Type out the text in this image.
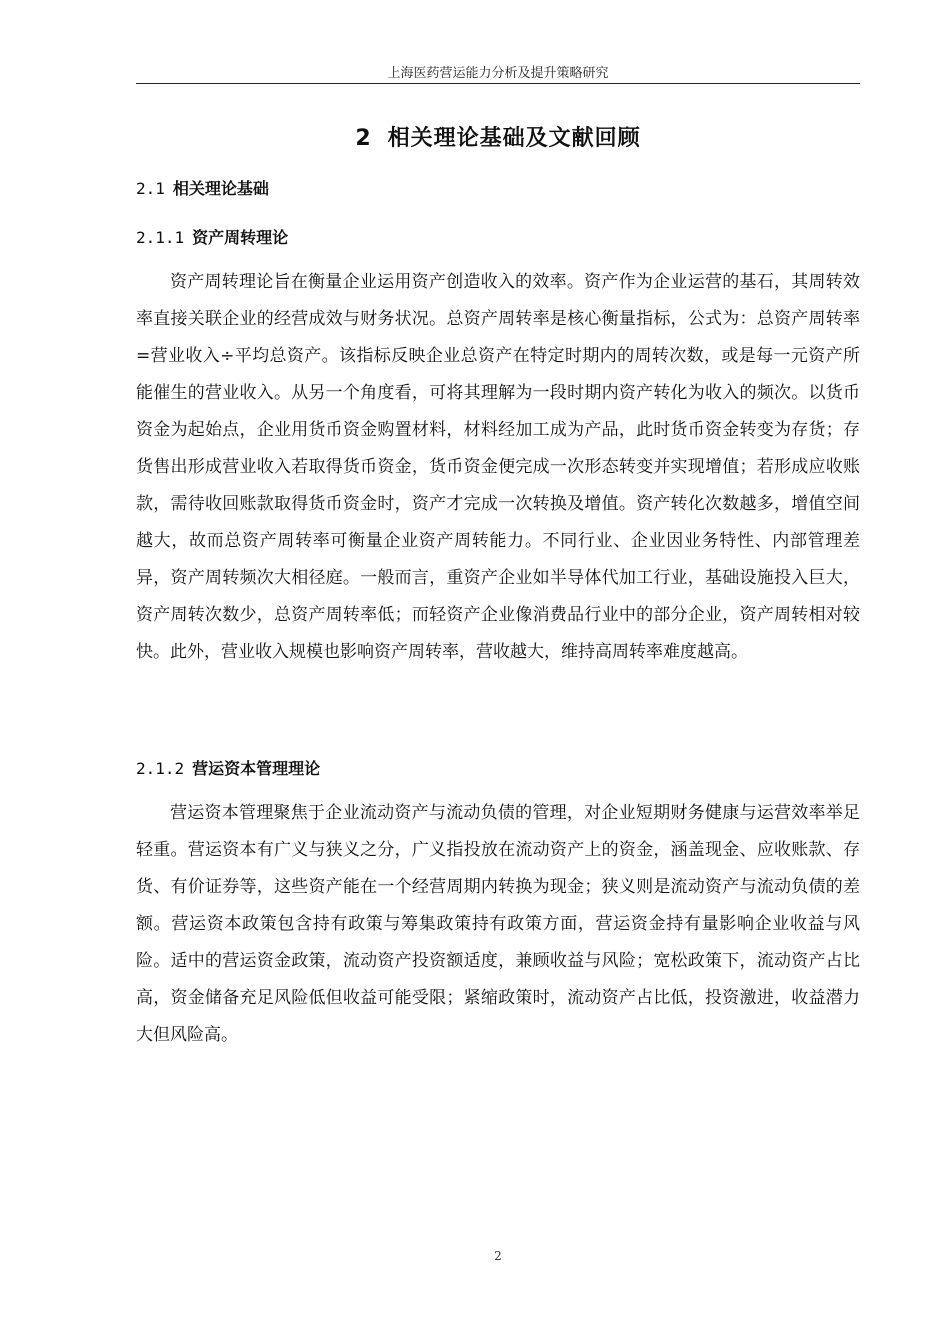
上海医药营运能力分析及提升策略研究
2 相关理论基础及文献回顾
2.1 相关理论基础
2.1.1 资产周转理论

资产周转理论旨在衡量企业运用资产创造收入的效率。资产作为企业运营的基石，其周转效率直接关联企业的经营成效与财务状况。总资产周转率是核心衡量指标，公式为：总资产周转率=营业收入÷平均总资产。该指标反映企业总资产在特定时期内的周转次数，或是每一元资产所能催生的营业收入。从另一个角度看，可将其理解为一段时期内资产转化为收入的频次。以货币资金为起始点，企业用货币资金购置材料，材料经加工成为产品，此时货币资金转变为存货；存货售出形成营业收入若取得货币资金，货币资金便完成一次形态转变并实现增值；若形成应收账款，需待收回账款取得货币资金时，资产才完成一次转换及增值。资产转化次数越多，增值空间越大，故而总资产周转率可衡量企业资产周转能力。不同行业、企业因业务特性、内部管理差异，资产周转频次大相径庭。一般而言，重资产企业如半导体代加工行业，基础设施投入巨大，资产周转次数少，总资产周转率低；而轻资产企业像消费品行业中的部分企业，资产周转相对较快。此外，营业收入规模也影响资产周转率，营收越大，维持高周转率难度越高。

2.1.2 营运资本管理理论

营运资本管理聚焦于企业流动资产与流动负债的管理，对企业短期财务健康与运营效率举足轻重。营运资本有广义与狭义之分，广义指投放在流动资产上的资金，涵盖现金、应收账款、存货、有价证券等，这些资产能在一个经营周期内转换为现金；狭义则是流动资产与流动负债的差额。营运资本政策包含持有政策与筹集政策持有政策方面，营运资金持有量影响企业收益与风险。适中的营运资金政策，流动资产投资额适度，兼顾收益与风险；宽松政策下，流动资产占比高，资金储备充足风险低但收益可能受限；紧缩政策时，流动资产占比低，投资激进，收益潜力大但风险高。

2
